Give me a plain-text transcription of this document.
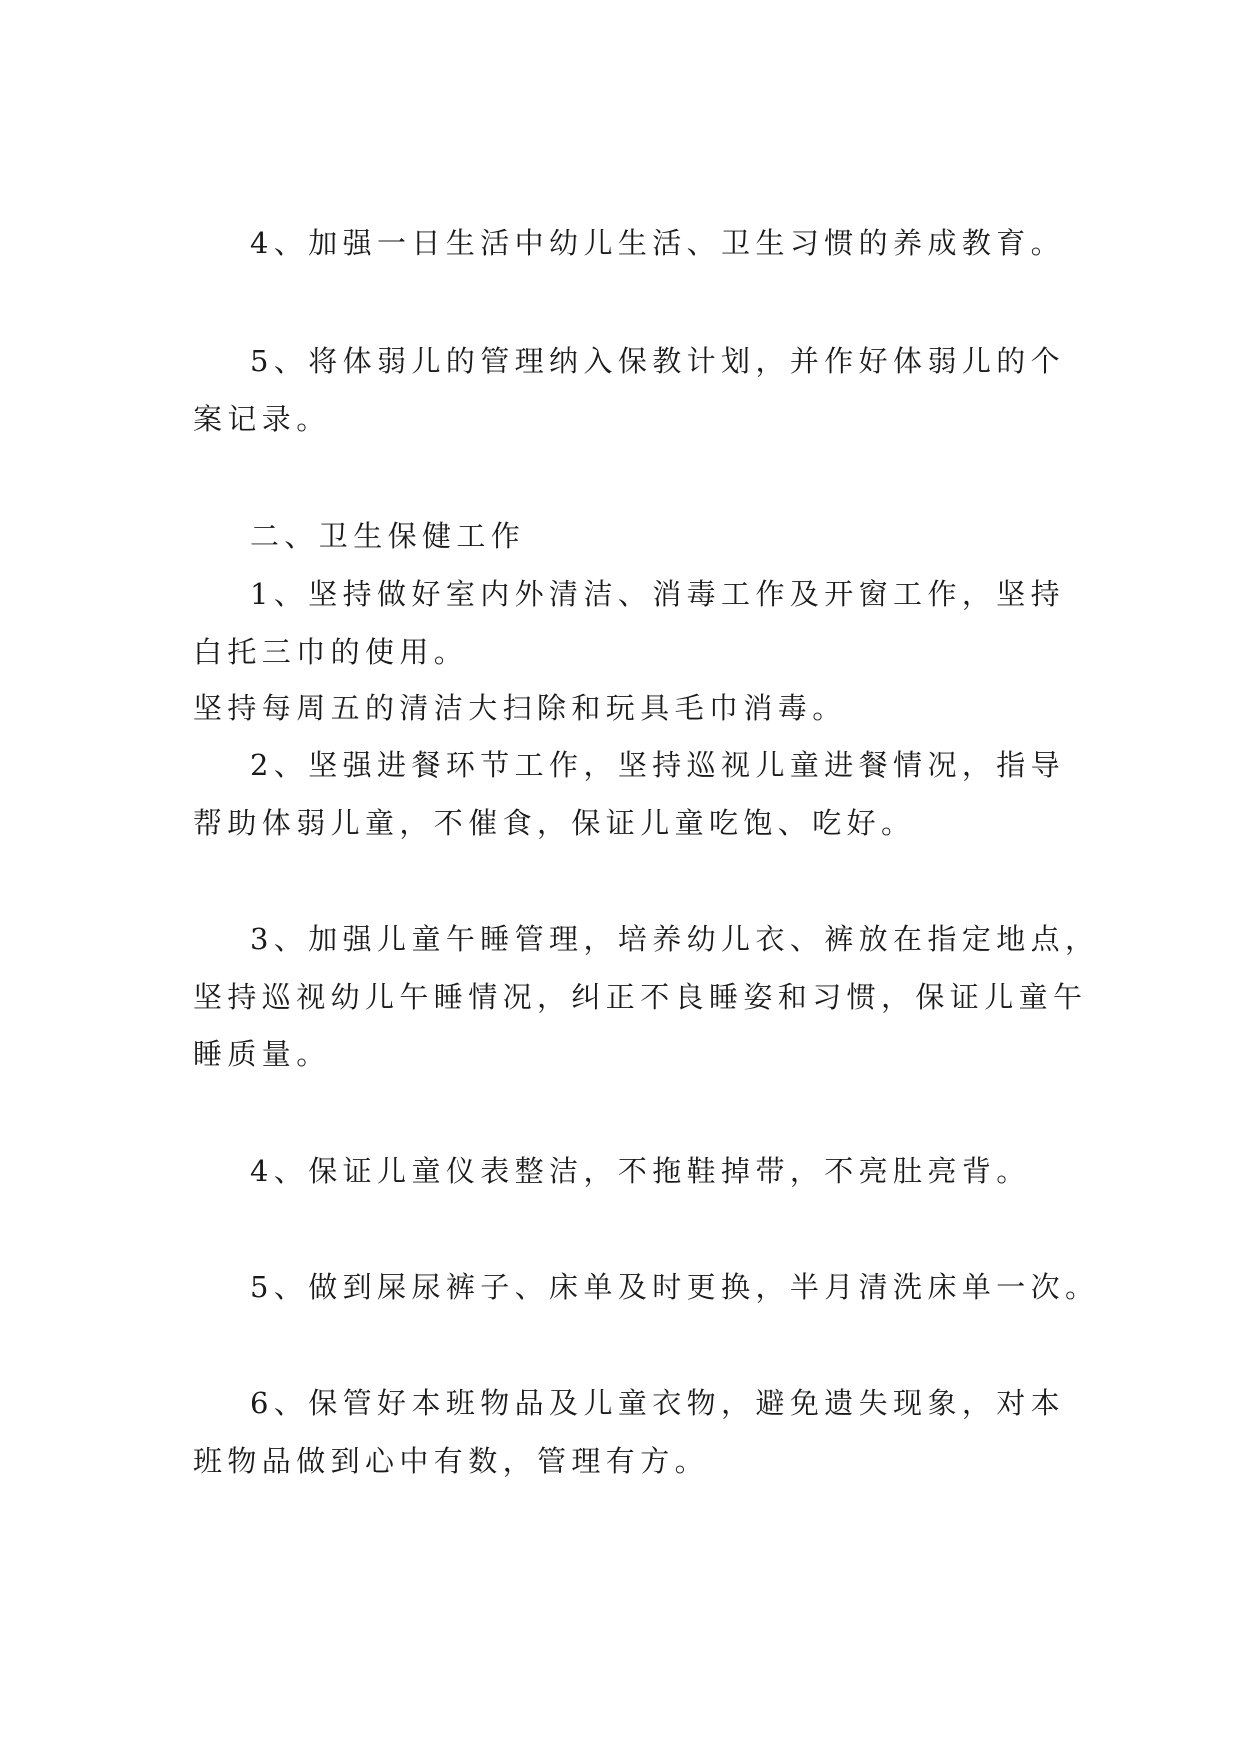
4、加强一日生活中幼儿生活、卫生习惯的养成教育。

5、将体弱儿的管理纳入保教计划，并作好体弱儿的个

案记录。

二、卫生保健工作

1、坚持做好室内外清洁、消毒工作及开窗工作，坚持

白托三巾的使用。

坚持每周五的清洁大扫除和玩具毛巾消毒。

2、坚强进餐环节工作，坚持巡视儿童进餐情况，指导

帮助体弱儿童，不催食，保证儿童吃饱、吃好。

3、加强儿童午睡管理，培养幼儿衣、裤放在指定地点，

坚持巡视幼儿午睡情况，纠正不良睡姿和习惯，保证儿童午

睡质量。

4、保证儿童仪表整洁，不拖鞋掉带，不亮肚亮背。

5、做到屎尿裤子、床单及时更换，半月清洗床单一次。

6、保管好本班物品及儿童衣物，避免遗失现象，对本

班物品做到心中有数，管理有方。
